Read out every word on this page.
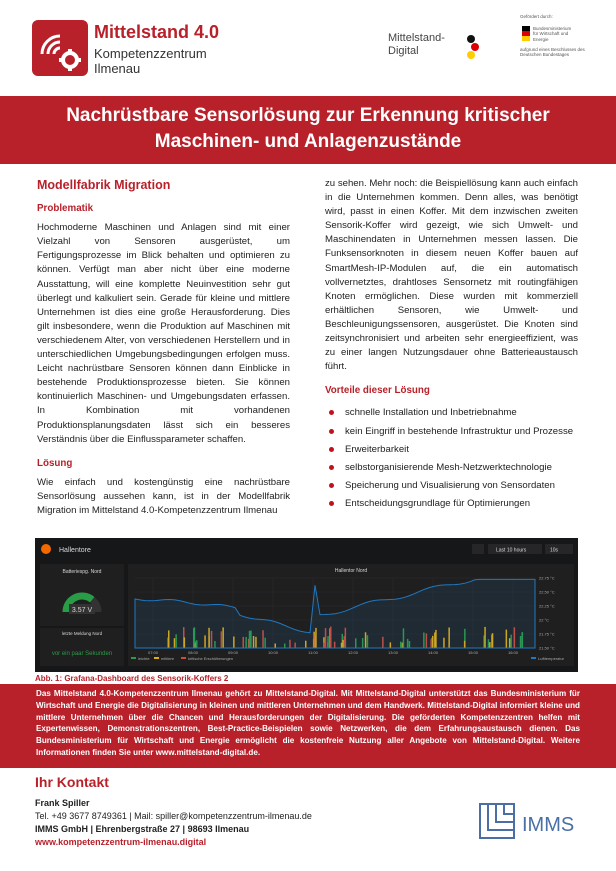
Mittelstand 4.0
Kompetenzzentrum
Ilmenau
Mittelstand-
Digital
Gefördert durch:
Bundesministerium für Wirtschaft und Energie
aufgrund eines Beschlusses des Deutschen Bundestages
Nachrüstbare Sensorlösung zur Erkennung kritischer Maschinen- und Anlagenzustände
Modellfabrik Migration
Problematik

Hochmoderne Maschinen und Anlagen sind mit einer Vielzahl von Sensoren ausgerüstet, um Fertigungsprozesse im Blick behalten und optimieren zu können. Verfügt man aber nicht über eine moderne Ausstattung, will eine komplette Neuinvestition sehr gut überlegt und kalkuliert sein. Gerade für kleine und mittlere Unternehmen ist dies eine große Herausforderung. Dies gilt insbesondere, wenn die Produktion auf Maschinen mit verschiedenem Alter, von verschiedenen Herstellern und in unterschiedlichen Umgebungsbedingungen erfolgen muss. Leicht nachrüstbare Sensoren können dann Einblicke in bestehende Produktionsprozesse bieten. Sie können kontinuierlich Maschinen- und Umgebungsdaten erfassen. In Kombination mit vorhandenen Produktionsplanungsdaten lässt sich ein besseres Verständnis über die Einflussparameter schaffen.

Lösung

Wie einfach und kostengünstig eine nachrüstbare Sensorlösung aussehen kann, ist in der Modellfabrik Migration im Mittelstand 4.0-Kompetenzzentrum Ilmenau

zu sehen. Mehr noch: die Beispiellösung kann auch einfach in die Unternehmen kommen. Denn alles, was benötigt wird, passt in einen Koffer. Mit dem inzwischen zweiten Sensorik-Koffer wird gezeigt, wie sich Umwelt- und Maschinendaten in Unternehmen messen lassen. Die Funksensorknoten in diesem neuen Koffer bauen auf SmartMesh-IP-Modulen auf, die ein automatisch vollvernetztes, drahtloses Sensornetz mit routingfähigen Knoten ermöglichen. Diese wurden mit kommerziell erhältlichen Sensoren, wie Umwelt- und Beschleunigungssensoren, ausgerüstet. Die Knoten sind zeitsynchronisiert und arbeiten sehr energieeffizient, was zu einer langen Nutzungsdauer ohne Batterieaustausch führt.

Vorteile dieser Lösung
schnelle Installation und Inbetriebnahme
kein Eingriff in bestehende Infrastruktur und Prozesse
Erweiterbarkeit
selbstorganisierende Mesh-Netzwerktechnologie
Speicherung und Visualisierung von Sensordaten
Entscheidungsgrundlage für Optimierungen
Hallentore	Last 10 hours	10s
Batteriespg. Nord
3.57 V
letzte Meldung Nord
vor ein paar Sekunden
Hallentor Nord
07:00	08:00	09:00	10:00	11:00	12:00	13:00	14:00	15:00	16:00
22.75 °C
22.50 °C
22.25 °C
22 °C
21.75 °C
21.50 °C
leichte	mittlere	kritische Erschütterungen	Lufttemperatur
Abb. 1: Grafana-Dashboard des Sensorik-Koffers 2

Das Mittelstand 4.0-Kompetenzzentrum Ilmenau gehört zu Mittelstand-Digital. Mit Mittelstand-Digital unterstützt das Bundesministerium für Wirtschaft und Energie die Digitalisierung in kleinen und mittleren Unternehmen und dem Handwerk. Mittelstand-Digital informiert kleine und mittlere Unternehmen über die Chancen und Herausforderungen der Digitalisierung. Die geförderten Kompetenzzentren helfen mit Expertenwissen, Demonstrationszentren, Best-Practice-Beispielen sowie Netzwerken, die dem Erfahrungsaustausch dienen. Das Bundesministerium für Wirtschaft und Energie ermöglicht die kostenfreie Nutzung aller Angebote von Mittelstand-Digital. Weitere Informationen finden Sie unter www.mittelstand-digital.de.

Ihr Kontakt
Frank Spiller
Tel. +49 3677 8749361 | Mail: spiller@kompetenzzentrum-ilmenau.de
IMMS GmbH | Ehrenbergstraße 27 | 98693 Ilmenau
www.kompetenzzentrum-ilmenau.digital
IMMS
